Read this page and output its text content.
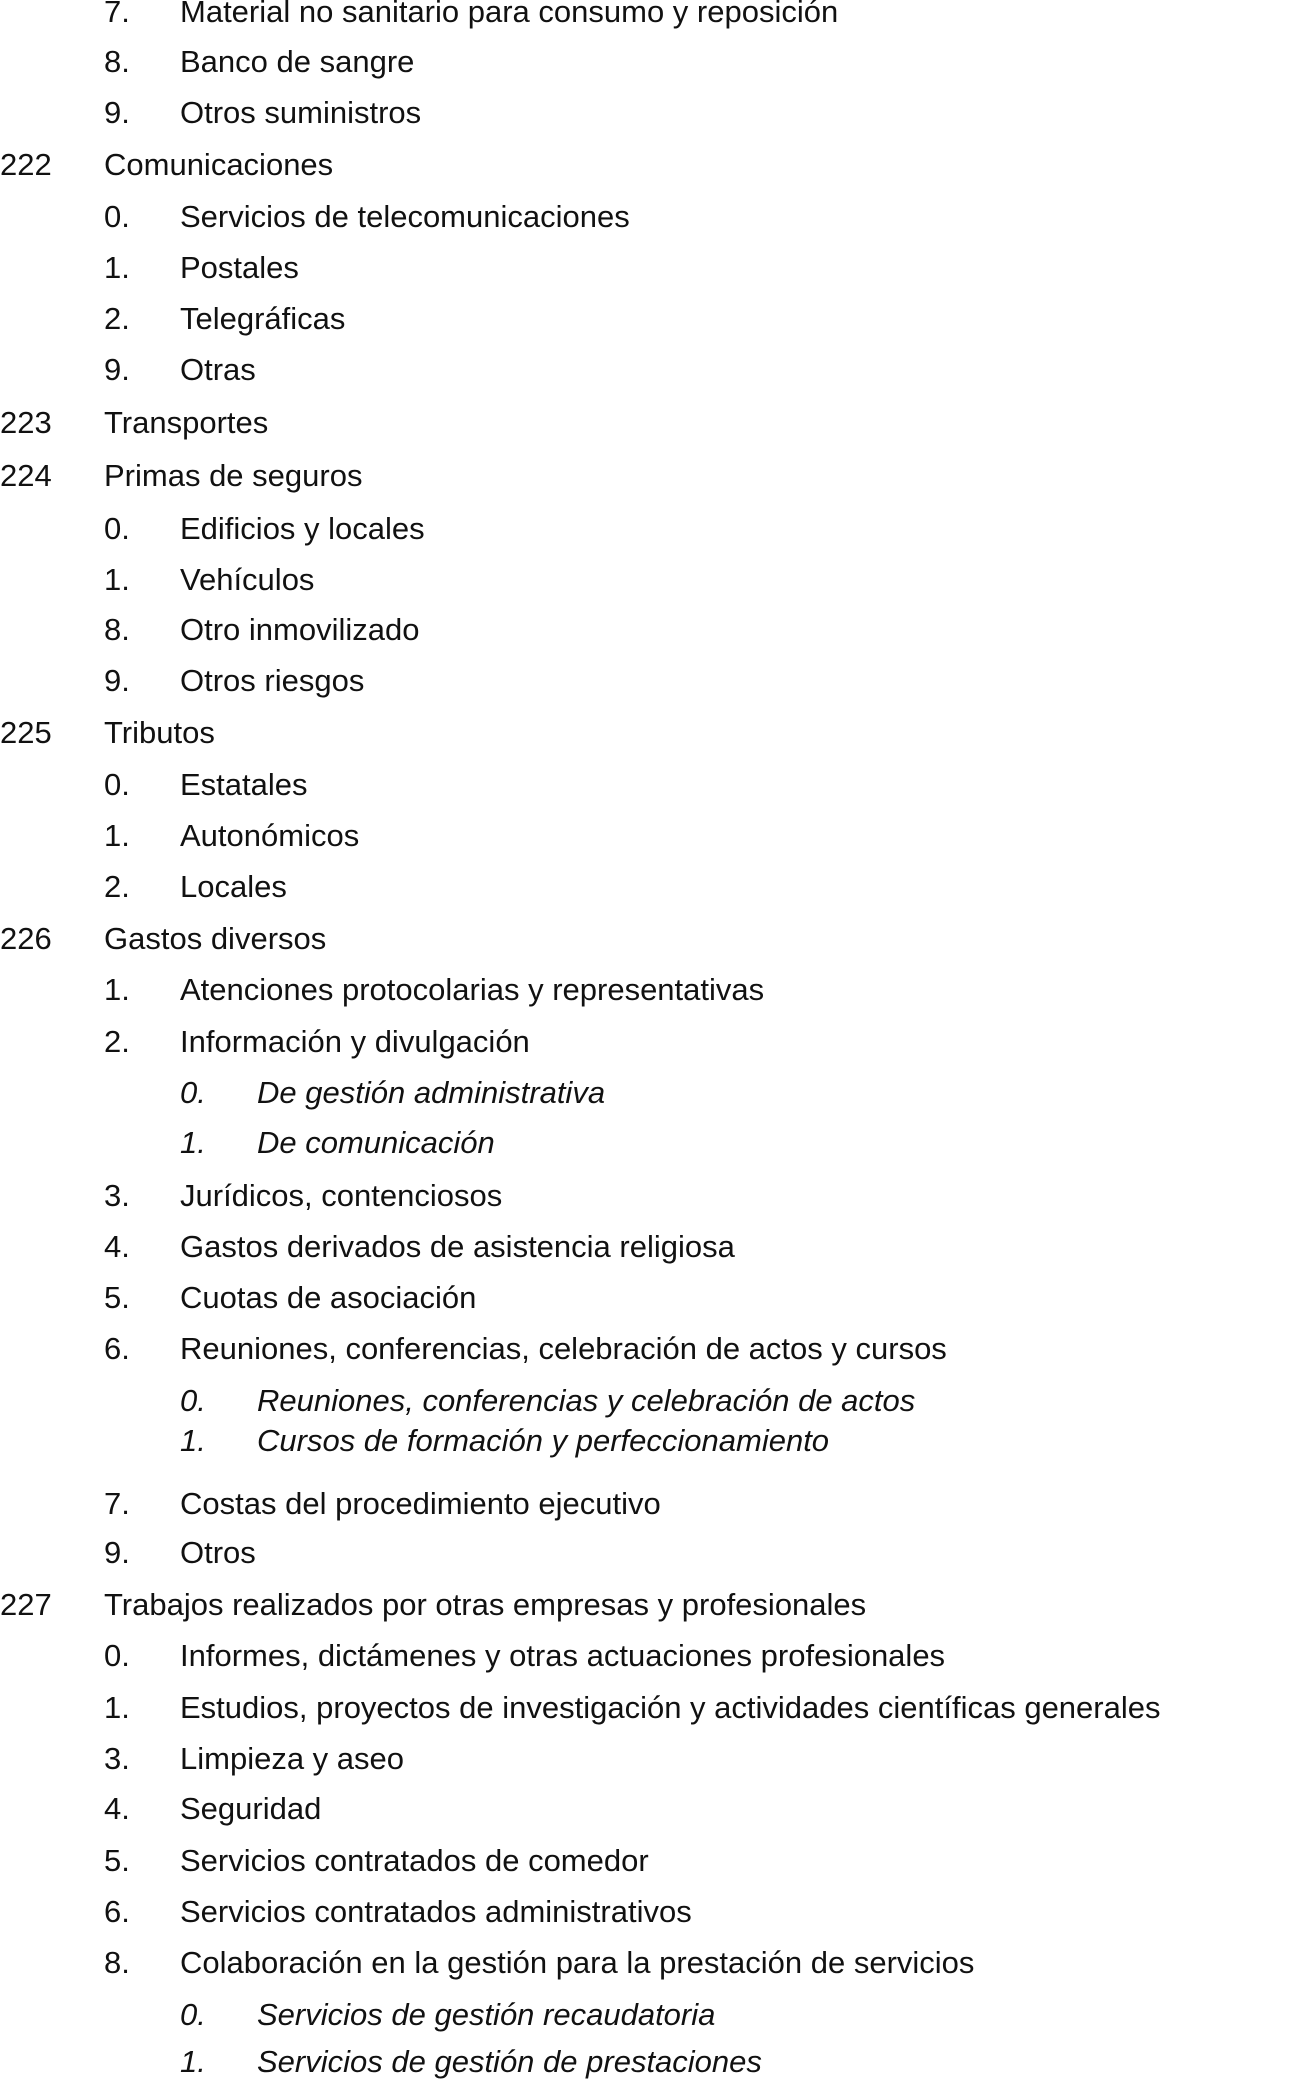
7. Material no sanitario para consumo y reposición
8. Banco de sangre
9. Otros suministros
222 Comunicaciones
0. Servicios de telecomunicaciones
1. Postales
2. Telegráficas
9. Otras
223 Transportes
224 Primas de seguros
0. Edificios y locales
1. Vehículos
8. Otro inmovilizado
9. Otros riesgos
225 Tributos
0. Estatales
1. Autonómicos
2. Locales
226 Gastos diversos
1. Atenciones protocolarias y representativas
2. Información y divulgación
0. De gestión administrativa
1. De comunicación
3. Jurídicos, contenciosos
4. Gastos derivados de asistencia religiosa
5. Cuotas de asociación
6. Reuniones, conferencias, celebración de actos y cursos
0. Reuniones, conferencias y celebración de actos
1. Cursos de formación y perfeccionamiento
7. Costas del procedimiento ejecutivo
9. Otros
227 Trabajos realizados por otras empresas y profesionales
0. Informes, dictámenes y otras actuaciones profesionales
1. Estudios, proyectos de investigación y actividades científicas generales
3. Limpieza y aseo
4. Seguridad
5. Servicios contratados de comedor
6. Servicios contratados administrativos
8. Colaboración en la gestión para la prestación de servicios
0. Servicios de gestión recaudatoria
1. Servicios de gestión de prestaciones
